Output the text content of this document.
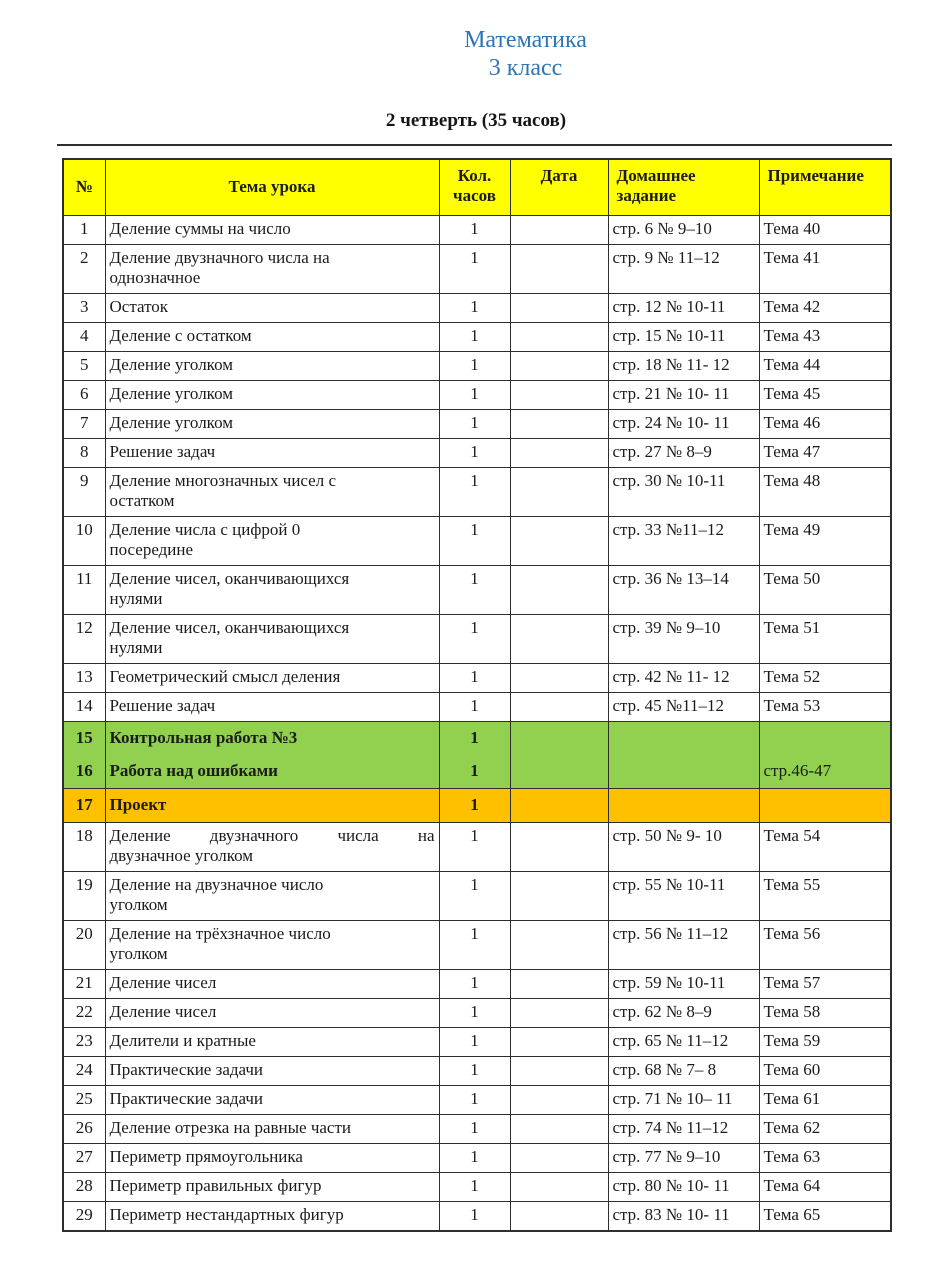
Математика
3 класс
2 четверть (35 часов)
№	Тема урока	Кол. часов	Дата	Домашнее задание	Примечание
1	Деление суммы на число	1		стр. 6 № 9–10	Тема 40
2	Деление двузначного числа на
однозначное	1		стр. 9 № 11–12	Тема 41
3	Остаток	1		стр. 12 № 10-11	Тема 42
4	Деление с остатком	1		стр. 15 № 10-11	Тема 43
5	Деление уголком	1		стр. 18 № 11- 12	Тема 44
6	Деление уголком	1		стр. 21 № 10- 11	Тема 45
7	Деление уголком	1		стр. 24 № 10- 11	Тема 46
8	Решение задач	1		стр. 27 № 8–9	Тема 47
9	Деление многозначных чисел с
остатком	1		стр. 30 № 10-11	Тема 48
10	Деление числа с цифрой 0
посередине	1		стр. 33 №11–12	Тема 49
11	Деление чисел, оканчивающихся
нулями	1		стр. 36 № 13–14	Тема 50
12	Деление чисел, оканчивающихся
нулями	1		стр. 39 № 9–10	Тема 51
13	Геометрический смысл деления	1		стр. 42 № 11- 12	Тема 52
14	Решение задач	1		стр. 45 №11–12	Тема 53
15	Контрольная работа №3	1			
16	Работа над ошибками	1			стр.46-47
17	Проект	1			
18	Деление двузначного числа на
двузначное уголком	1		стр. 50 № 9- 10	Тема 54
19	Деление на двузначное число
уголком	1		стр. 55 № 10-11	Тема 55
20	Деление на трёхзначное число
уголком	1		стр. 56 № 11–12	Тема 56
21	Деление чисел	1		стр. 59 № 10-11	Тема 57
22	Деление чисел	1		стр. 62 № 8–9	Тема 58
23	Делители и кратные	1		стр. 65 № 11–12	Тема 59
24	Практические задачи	1		стр. 68 № 7– 8	Тема 60
25	Практические задачи	1		стр. 71 № 10– 11	Тема 61
26	Деление отрезка на равные части	1		стр. 74 № 11–12	Тема 62
27	Периметр прямоугольника	1		стр. 77 № 9–10	Тема 63
28	Периметр правильных фигур	1		стр. 80 № 10- 11	Тема 64
29	Периметр нестандартных фигур	1		стр. 83 № 10- 11	Тема 65
